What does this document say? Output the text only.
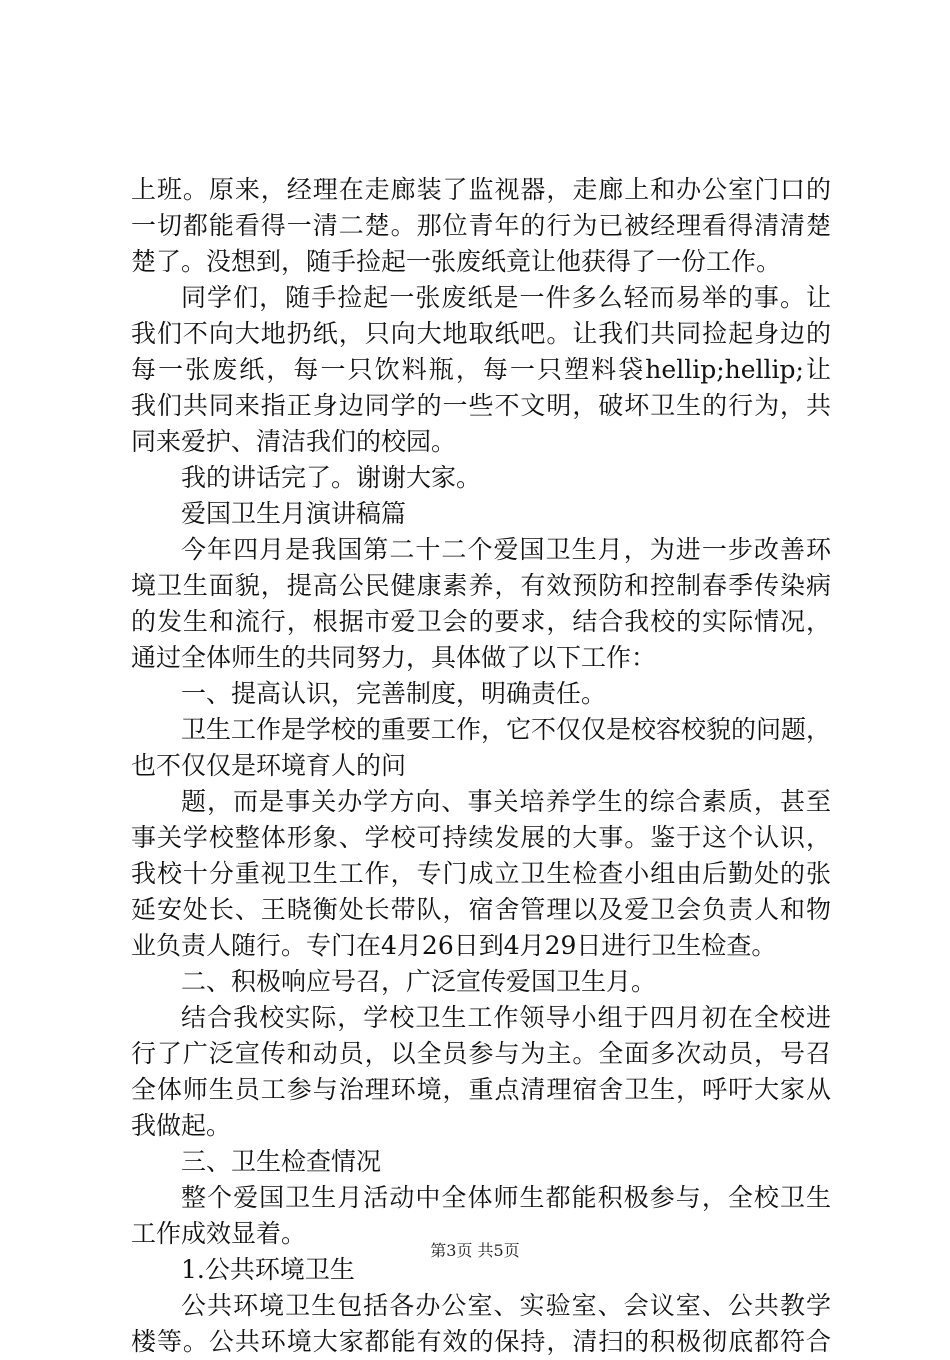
上班。原来，经理在走廊装了监视器，走廊上和办公室门口的
一切都能看得一清二楚。那位青年的行为已被经理看得清清楚
楚了。没想到，随手捡起一张废纸竟让他获得了一份工作。
同学们，随手捡起一张废纸是一件多么轻而易举的事。让
我们不向大地扔纸，只向大地取纸吧。让我们共同捡起身边的
每一张废纸，每一只饮料瓶，每一只塑料袋hellip;hellip;让
我们共同来指正身边同学的一些不文明，破坏卫生的行为，共
同来爱护、清洁我们的校园。
我的讲话完了。谢谢大家。
爱国卫生月演讲稿篇
今年四月是我国第二十二个爱国卫生月，为进一步改善环
境卫生面貌，提高公民健康素养，有效预防和控制春季传染病
的发生和流行，根据市爱卫会的要求，结合我校的实际情况，
通过全体师生的共同努力，具体做了以下工作：
一、提高认识，完善制度，明确责任。
卫生工作是学校的重要工作，它不仅仅是校容校貌的问题，
也不仅仅是环境育人的问
题，而是事关办学方向、事关培养学生的综合素质，甚至
事关学校整体形象、学校可持续发展的大事。鉴于这个认识，
我校十分重视卫生工作，专门成立卫生检查小组由后勤处的张
延安处长、王晓衡处长带队，宿舍管理以及爱卫会负责人和物
业负责人随行。专门在4月26日到4月29日进行卫生检查。
二、积极响应号召，广泛宣传爱国卫生月。
结合我校实际，学校卫生工作领导小组于四月初在全校进
行了广泛宣传和动员，以全员参与为主。全面多次动员，号召
全体师生员工参与治理环境，重点清理宿舍卫生，呼吁大家从
我做起。
三、卫生检查情况
整个爱国卫生月活动中全体师生都能积极参与，全校卫生
工作成效显着。
1.公共环境卫生
公共环境卫生包括各办公室、实验室、会议室、公共教学
楼等。公共环境大家都能有效的保持，清扫的积极彻底都符合
第3页 共5页
